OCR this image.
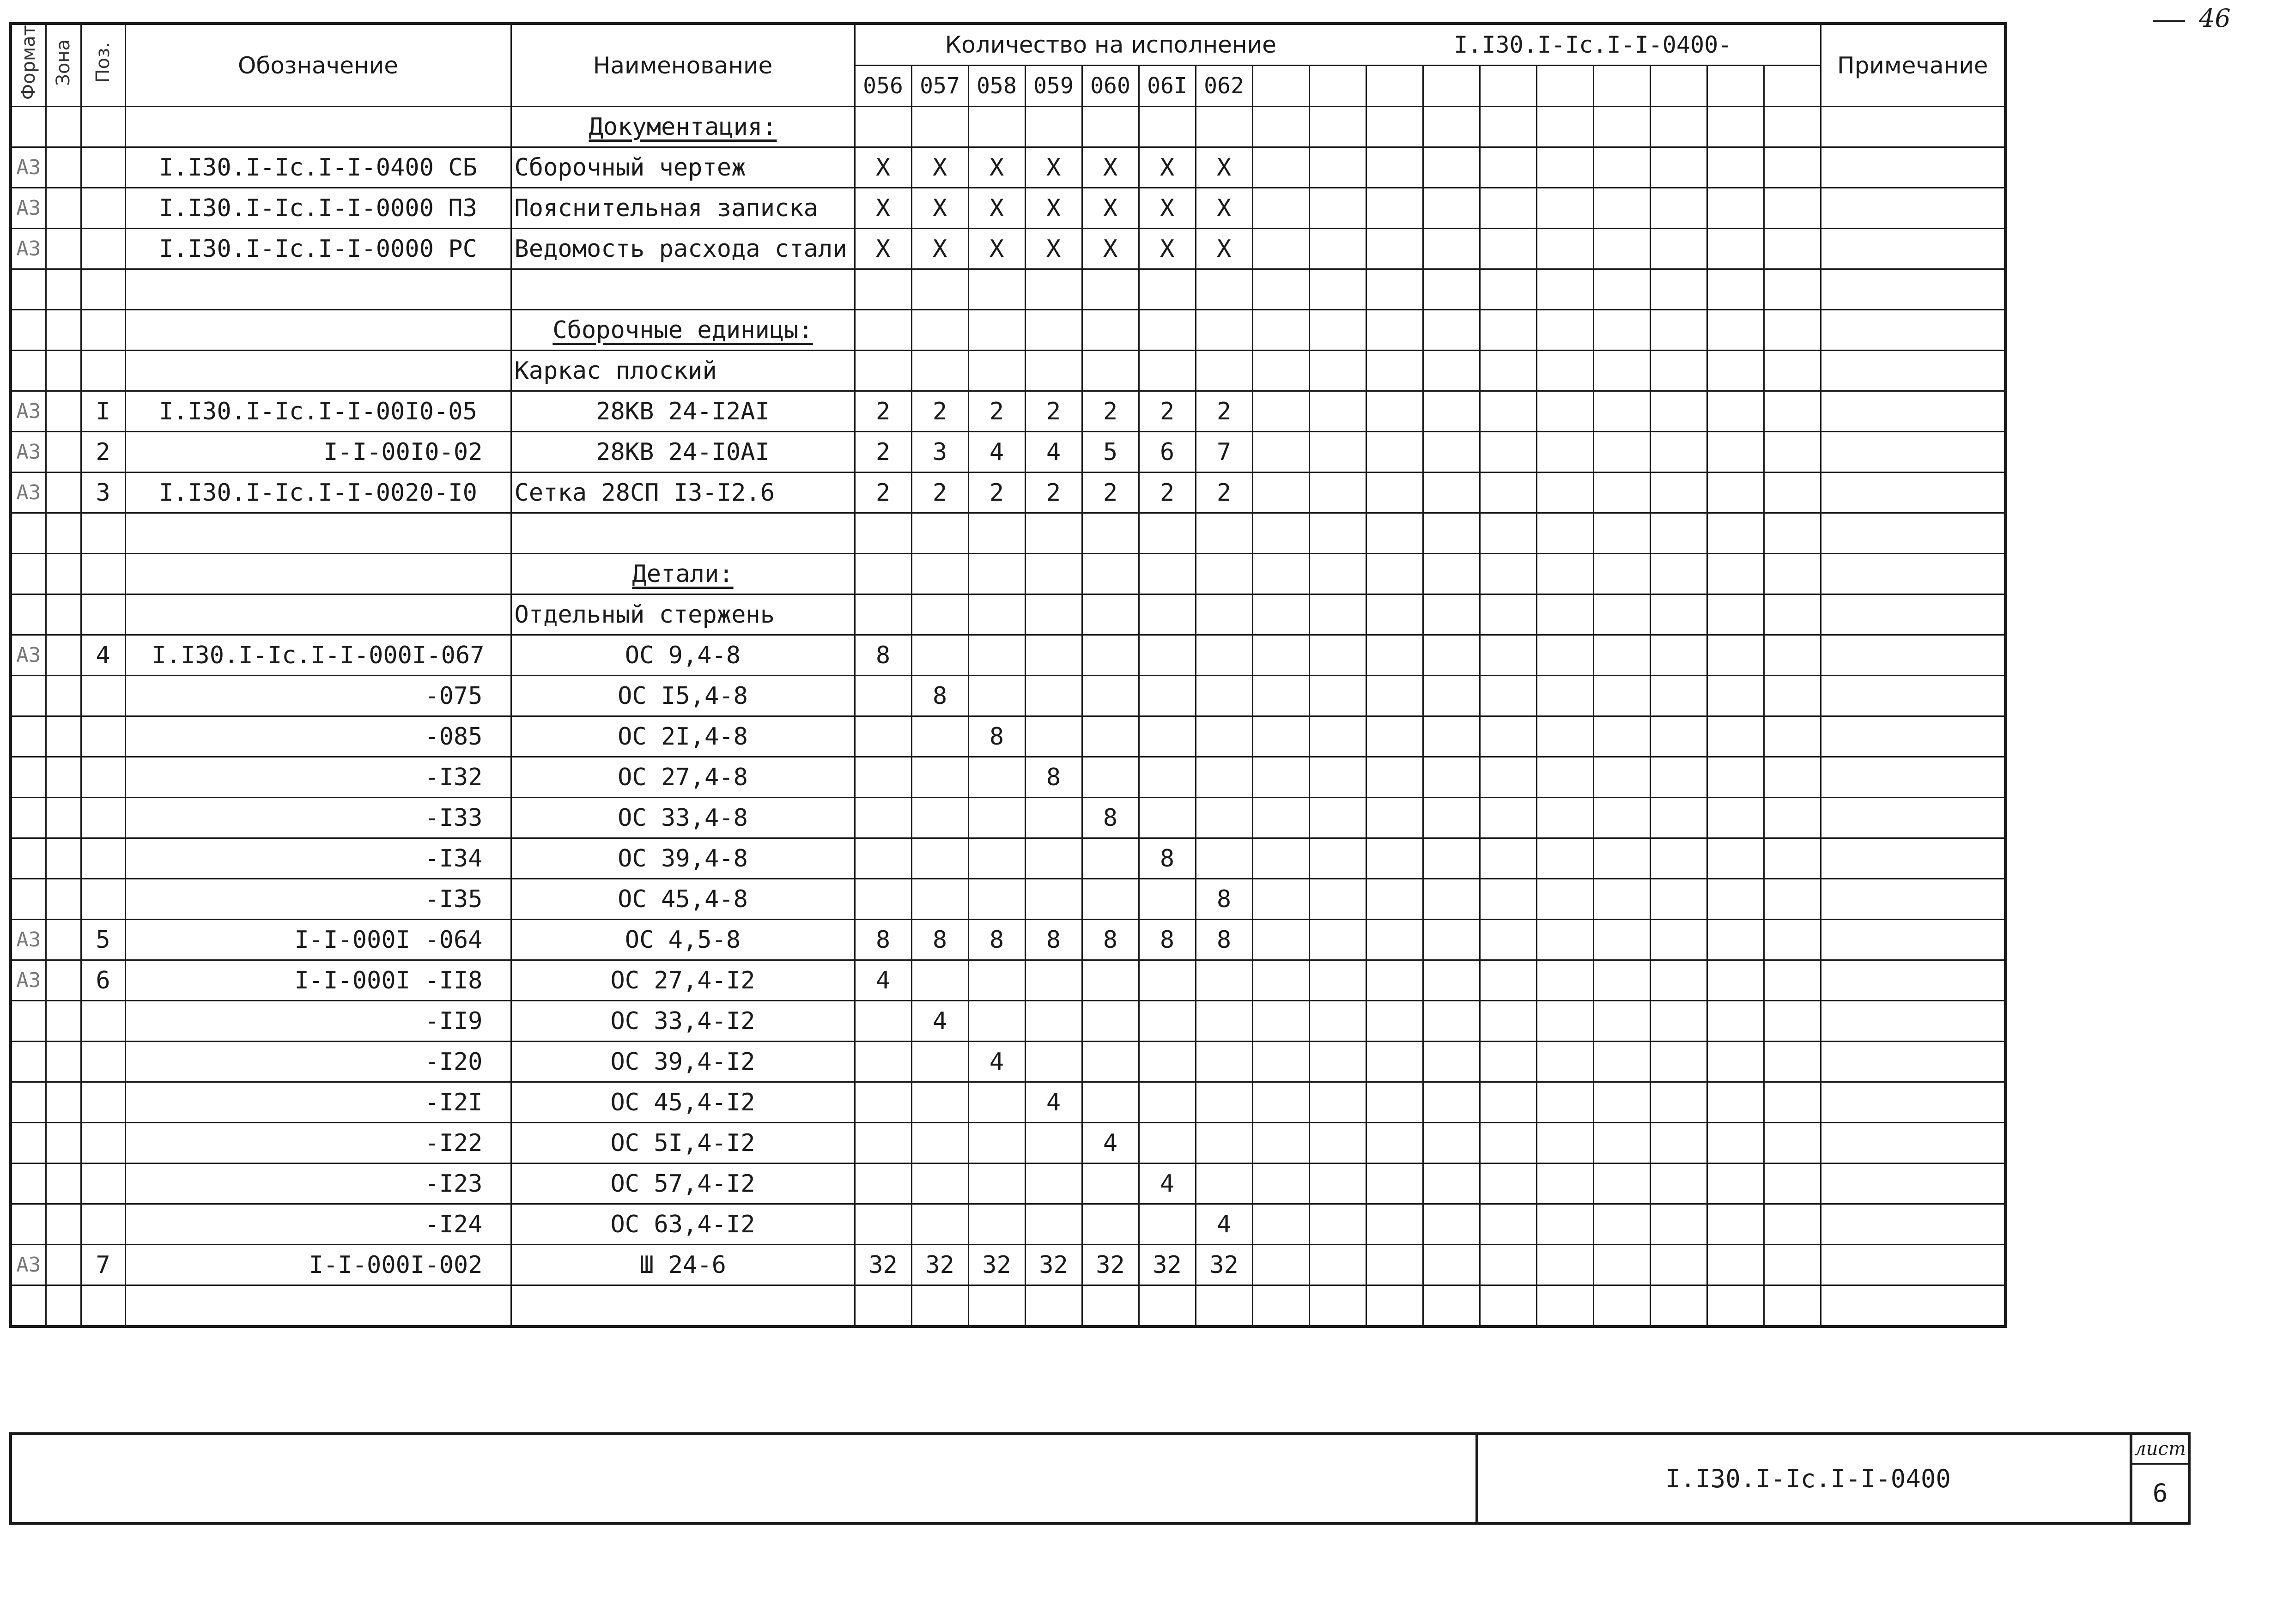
46
Формат	Зона	Поз.	Обозначение	Наименование	Количество на исполнение									I.I30.I-Ic.I-I-0400-								Примечание
					056	057	058	059	060	06I	062											
				Документация:																		
А3			I.I30.I-Ic.I-I-0400 СБ	Сборочный чертеж	X	X	X	X	X	X	X											
А3			I.I30.I-Ic.I-I-0000 ПЗ	Пояснительная записка	X	X	X	X	X	X	X											
А3			I.I30.I-Ic.I-I-0000 РС	Ведомость расхода стали	X	X	X	X	X	X	X											

				Сборочные единицы:																		
				Каркас плоский																		
А3		I	I.I30.I-Ic.I-I-00I0-05	28КВ 24-I2АI	2	2	2	2	2	2	2											
А3		2	I-I-00I0-02	28КВ 24-I0АI	2	3	4	4	5	6	7											
А3		3	I.I30.I-Ic.I-I-0020-I0	Сетка 28СП I3-I2.6	2	2	2	2	2	2	2											

				Детали:																		
				Отдельный стержень																		
А3		4	I.I30.I-Ic.I-I-000I-067	ОС 9,4-8	8																	
			-075	ОС I5,4-8		8																
			-085	ОС 2I,4-8			8															
			-I32	ОС 27,4-8				8														
			-I33	ОС 33,4-8					8													
			-I34	ОС 39,4-8						8												
			-I35	ОС 45,4-8							8											
А3		5	I-I-000I -064	ОС 4,5-8	8	8	8	8	8	8	8											
А3		6	I-I-000I -II8	ОС 27,4-I2	4																	
			-II9	ОС 33,4-I2		4																
			-I20	ОС 39,4-I2			4															
			-I2I	ОС 45,4-I2				4														
			-I22	ОС 5I,4-I2					4													
			-I23	ОС 57,4-I2						4												
			-I24	ОС 63,4-I2							4											
А3		7	I-I-000I-002	Ш 24-6	32	32	32	32	32	32	32											

I.I30.I-Ic.I-I-0400
лист
6
